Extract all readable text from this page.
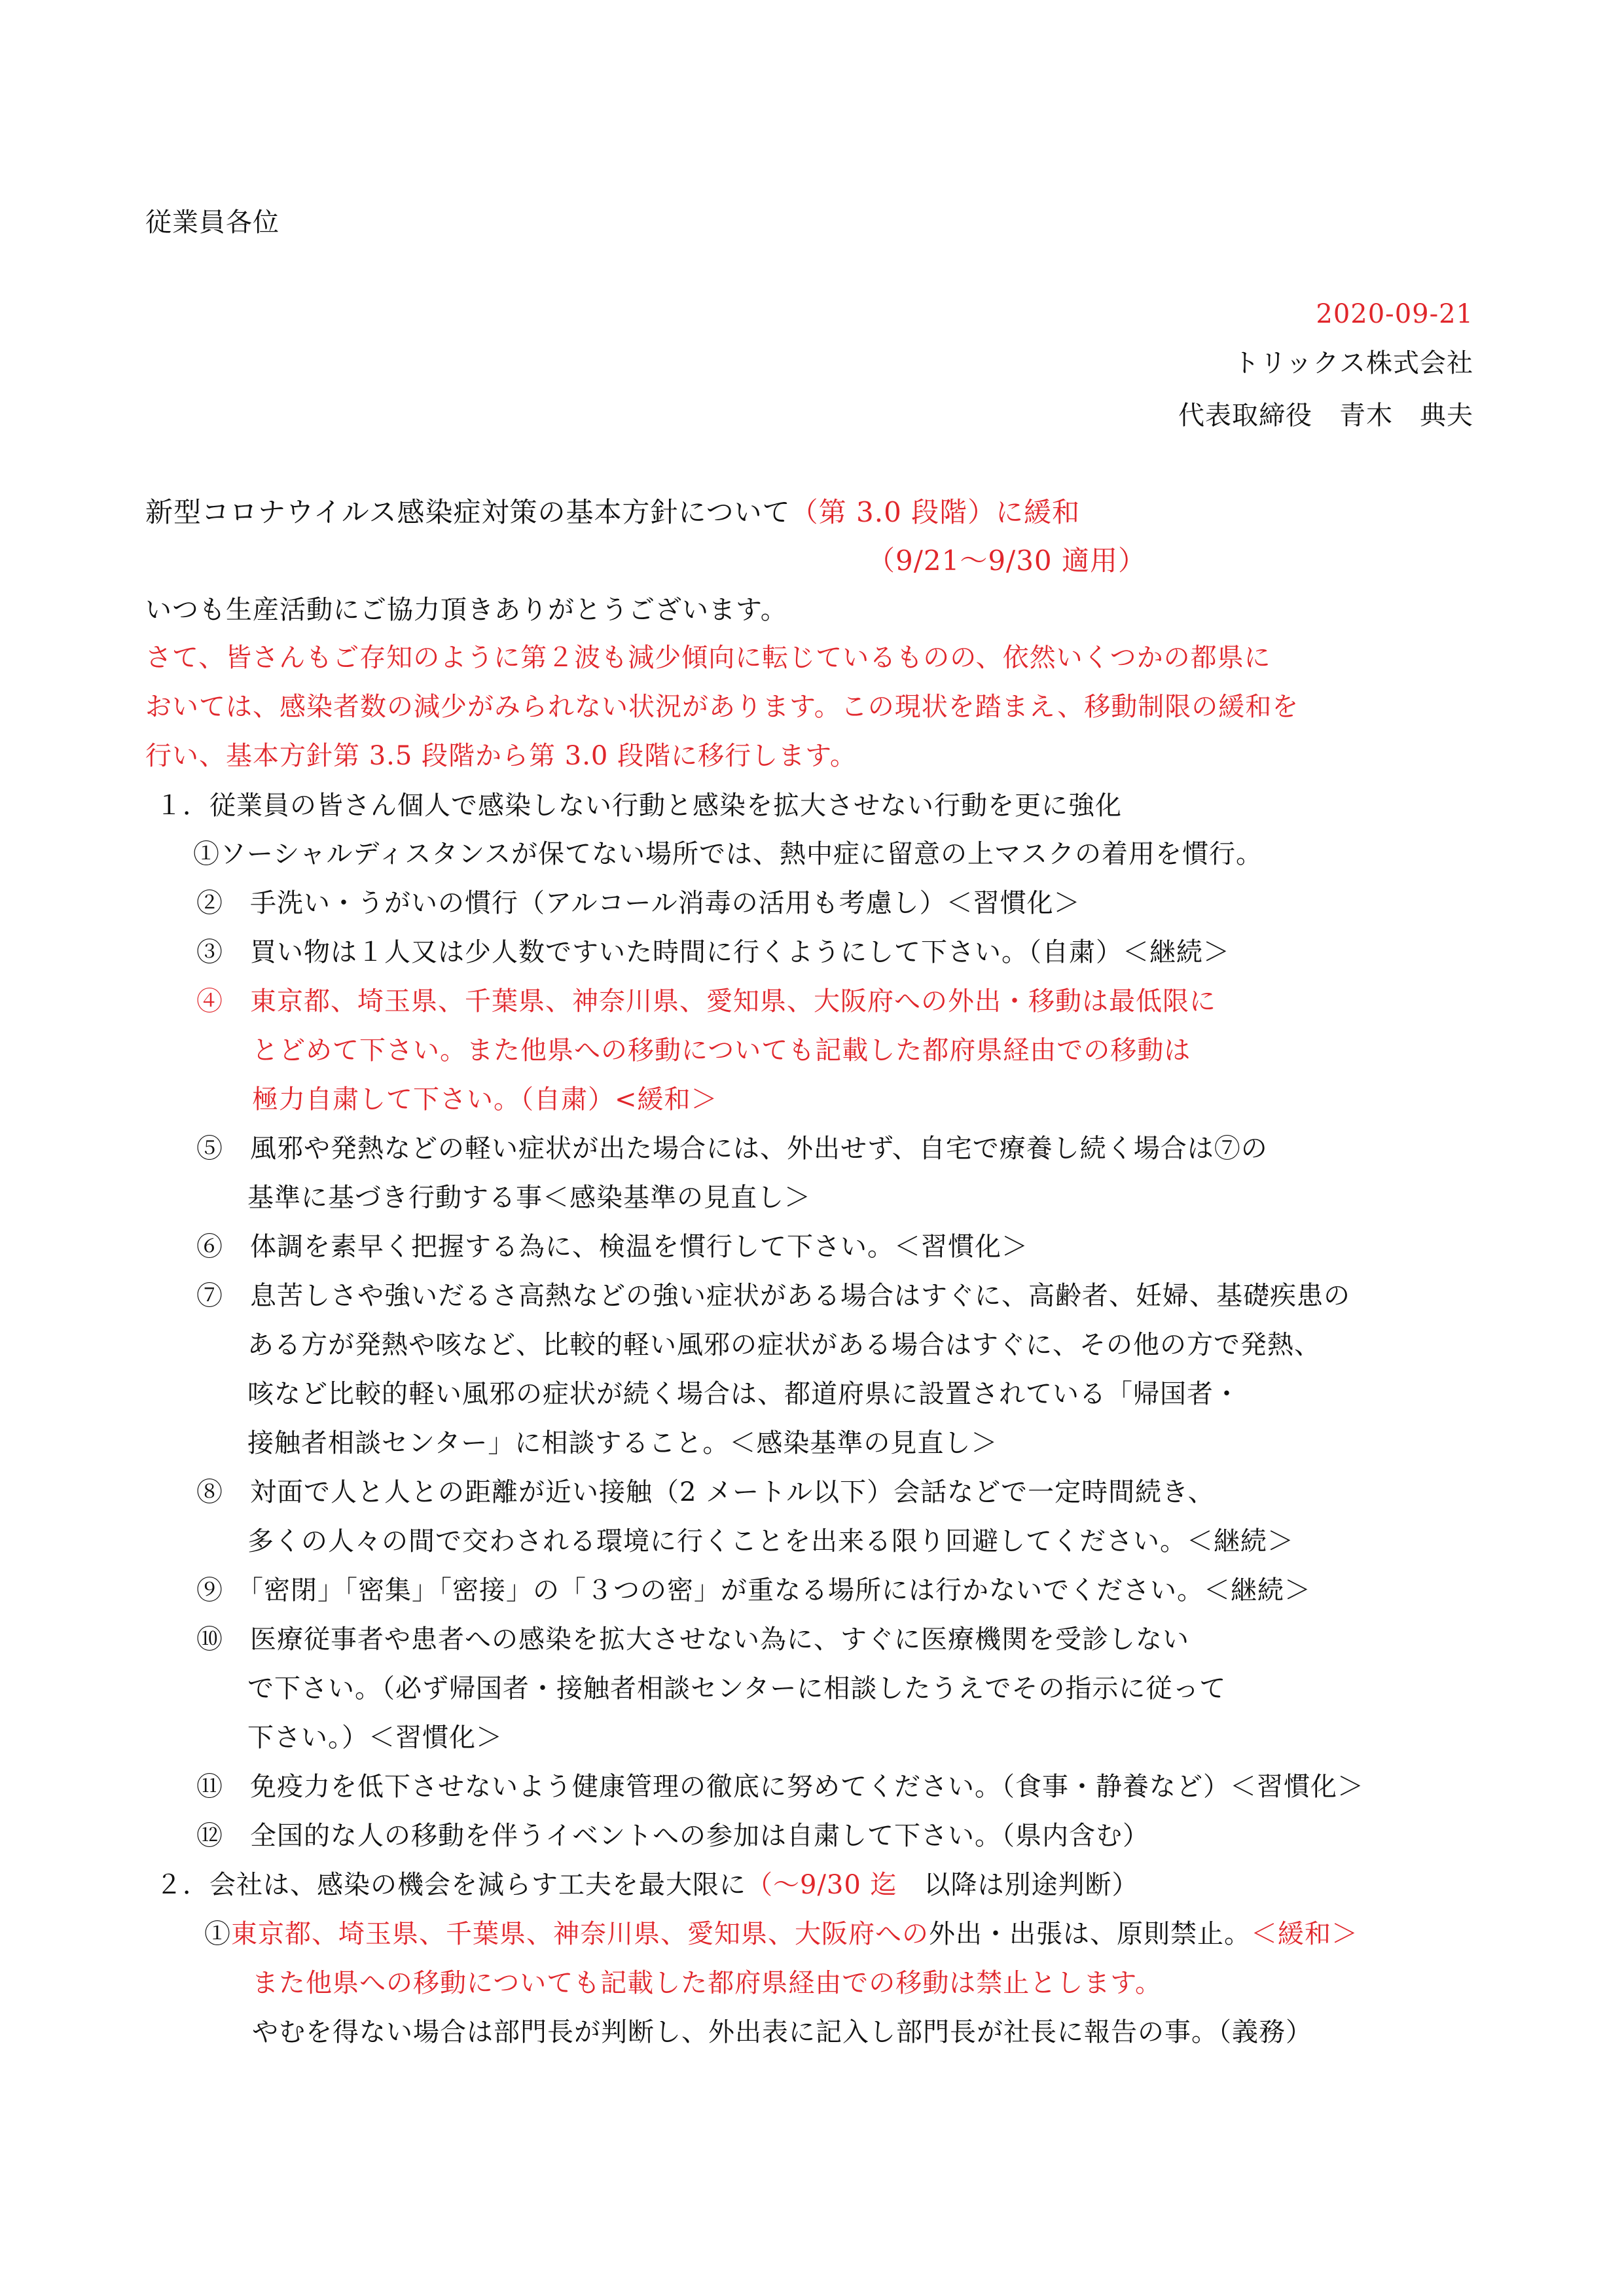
従業員各位

2020-09-21

トリックス株式会社

代表取締役　青木　典夫

新型コロナウイルス感染症対策の基本方針について（第 3.0 段階）に緩和

（9/21～9/30 適用）

いつも生産活動にご協力頂きありがとうございます。

さて、皆さんもご存知のように第２波も減少傾向に転じているものの、依然いくつかの都県に

おいては、感染者数の減少がみられない状況があります。この現状を踏まえ、移動制限の緩和を

行い、基本方針第 3.5 段階から第 3.0 段階に移行します。

１．従業員の皆さん個人で感染しない行動と感染を拡大させない行動を更に強化

①ソーシャルディスタンスが保てない場所では、熱中症に留意の上マスクの着用を慣行。

②　手洗い・うがいの慣行（アルコール消毒の活用も考慮し）＜習慣化＞

③　買い物は１人又は少人数ですいた時間に行くようにして下さい。（自粛）＜継続＞

④　東京都、埼玉県、千葉県、神奈川県、愛知県、大阪府への外出・移動は最低限に

とどめて下さい。また他県への移動についても記載した都府県経由での移動は

極力自粛して下さい。（自粛）<緩和＞

⑤　風邪や発熱などの軽い症状が出た場合には、外出せず、自宅で療養し続く場合は⑦の

基準に基づき行動する事＜感染基準の見直し＞

⑥　体調を素早く把握する為に、検温を慣行して下さい。＜習慣化＞

⑦　息苦しさや強いだるさ高熱などの強い症状がある場合はすぐに、高齢者、妊婦、基礎疾患の

ある方が発熱や咳など、比較的軽い風邪の症状がある場合はすぐに、その他の方で発熱、

咳など比較的軽い風邪の症状が続く場合は、都道府県に設置されている「帰国者・

接触者相談センター」に相談すること。＜感染基準の見直し＞

⑧　対面で人と人との距離が近い接触（2 メートル以下）会話などで一定時間続き、

多くの人々の間で交わされる環境に行くことを出来る限り回避してください。＜継続＞

⑨　「密閉」「密集」「密接」の「３つの密」が重なる場所には行かないでください。＜継続＞

⑩　医療従事者や患者への感染を拡大させない為に、すぐに医療機関を受診しない

で下さい。（必ず帰国者・接触者相談センターに相談したうえでその指示に従って

下さい。）＜習慣化＞

⑪　免疫力を低下させないよう健康管理の徹底に努めてください。（食事・静養など）＜習慣化＞

⑫　全国的な人の移動を伴うイベントへの参加は自粛して下さい。（県内含む）

２．会社は、感染の機会を減らす工夫を最大限に（～9/30 迄　以降は別途判断）

①東京都、埼玉県、千葉県、神奈川県、愛知県、大阪府への外出・出張は、原則禁止。＜緩和＞

また他県への移動についても記載した都府県経由での移動は禁止とします。

やむを得ない場合は部門長が判断し、外出表に記入し部門長が社長に報告の事。（義務）
